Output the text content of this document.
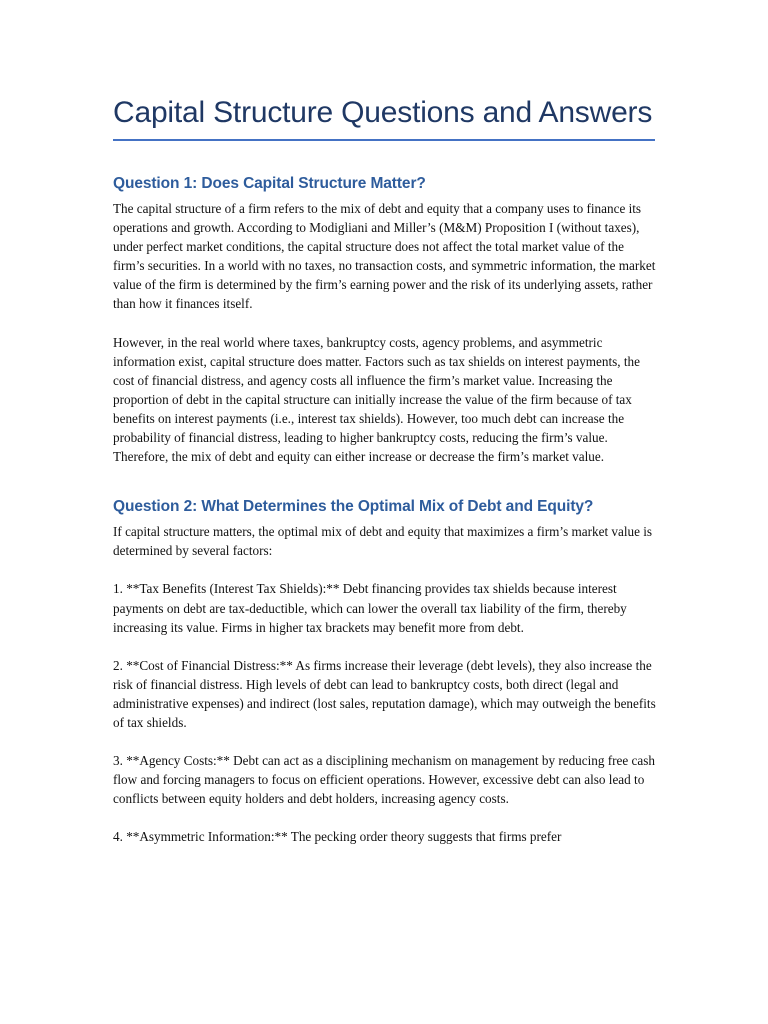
Capital Structure Questions and Answers
Question 1: Does Capital Structure Matter?

The capital structure of a firm refers to the mix of debt and equity that a company uses to finance its operations and growth. According to Modigliani and Miller’s (M&M) Proposition I (without taxes), under perfect market conditions, the capital structure does not affect the total market value of the firm’s securities. In a world with no taxes, no transaction costs, and symmetric information, the market value of the firm is determined by the firm’s earning power and the risk of its underlying assets, rather than how it finances itself.

However, in the real world where taxes, bankruptcy costs, agency problems, and asymmetric information exist, capital structure does matter. Factors such as tax shields on interest payments, the cost of financial distress, and agency costs all influence the firm’s market value. Increasing the proportion of debt in the capital structure can initially increase the value of the firm because of tax benefits on interest payments (i.e., interest tax shields). However, too much debt can increase the probability of financial distress, leading to higher bankruptcy costs, reducing the firm’s value. Therefore, the mix of debt and equity can either increase or decrease the firm’s market value.

Question 2: What Determines the Optimal Mix of Debt and Equity?

If capital structure matters, the optimal mix of debt and equity that maximizes a firm’s market value is determined by several factors:

1. **Tax Benefits (Interest Tax Shields):** Debt financing provides tax shields because interest payments on debt are tax-deductible, which can lower the overall tax liability of the firm, thereby increasing its value. Firms in higher tax brackets may benefit more from debt.

2. **Cost of Financial Distress:** As firms increase their leverage (debt levels), they also increase the risk of financial distress. High levels of debt can lead to bankruptcy costs, both direct (legal and administrative expenses) and indirect (lost sales, reputation damage), which may outweigh the benefits of tax shields.

3. **Agency Costs:** Debt can act as a disciplining mechanism on management by reducing free cash flow and forcing managers to focus on efficient operations. However, excessive debt can also lead to conflicts between equity holders and debt holders, increasing agency costs.

4. **Asymmetric Information:** The pecking order theory suggests that firms prefer
